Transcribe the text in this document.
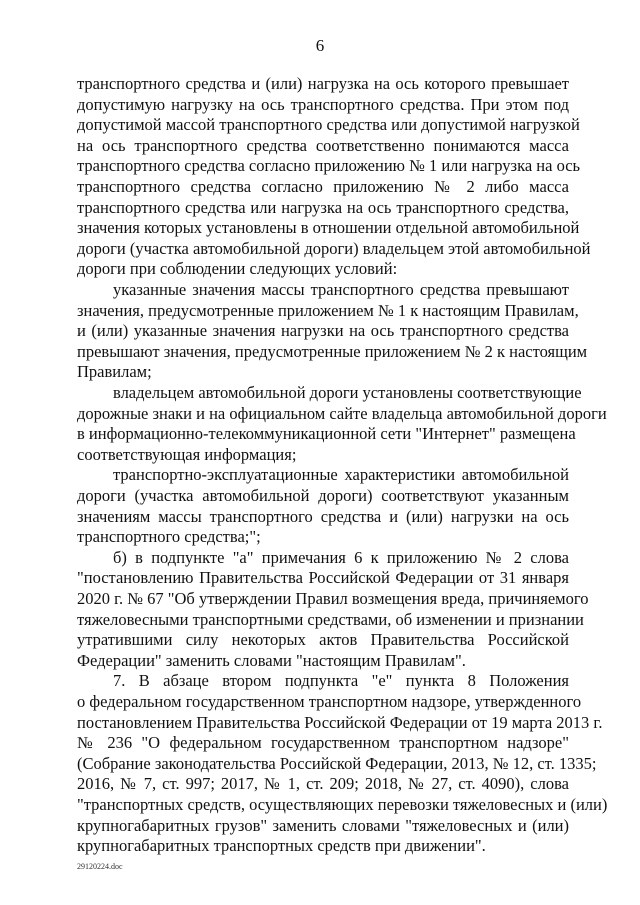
6
транспортного средства и (или) нагрузка на ось которого превышает
допустимую нагрузку на ось транспортного средства. При этом под
допустимой массой транспортного средства или допустимой нагрузкой
на ось транспортного средства соответственно понимаются масса
транспортного средства согласно приложению № 1 или нагрузка на ось
транспортного средства согласно приложению № 2 либо масса
транспортного средства или нагрузка на ось транспортного средства,
значения которых установлены в отношении отдельной автомобильной
дороги (участка автомобильной дороги) владельцем этой автомобильной
дороги при соблюдении следующих условий:
указанные значения массы транспортного средства превышают
значения, предусмотренные приложением № 1 к настоящим Правилам,
и (или) указанные значения нагрузки на ось транспортного средства
превышают значения, предусмотренные приложением № 2 к настоящим
Правилам;
владельцем автомобильной дороги установлены соответствующие
дорожные знаки и на официальном сайте владельца автомобильной дороги
в информационно-телекоммуникационной сети "Интернет" размещена
соответствующая информация;
транспортно-эксплуатационные характеристики автомобильной
дороги (участка автомобильной дороги) соответствуют указанным
значениям массы транспортного средства и (или) нагрузки на ось
транспортного средства;";
б) в подпункте "а" примечания 6 к приложению № 2 слова
"постановлению Правительства Российской Федерации от 31 января
2020 г. № 67 "Об утверждении Правил возмещения вреда, причиняемого
тяжеловесными транспортными средствами, об изменении и признании
утратившими силу некоторых актов Правительства Российской
Федерации" заменить словами "настоящим Правилам".
7. В абзаце втором подпункта "е" пункта 8 Положения
о федеральном государственном транспортном надзоре, утвержденного
постановлением Правительства Российской Федерации от 19 марта 2013 г.
№ 236 "О федеральном государственном транспортном надзоре"
(Собрание законодательства Российской Федерации, 2013, № 12, ст. 1335;
2016, № 7, ст. 997; 2017, № 1, ст. 209; 2018, № 27, ст. 4090), слова
"транспортных средств, осуществляющих перевозки тяжеловесных и (или)
крупногабаритных грузов" заменить словами "тяжеловесных и (или)
крупногабаритных транспортных средств при движении".
29120224.doc
